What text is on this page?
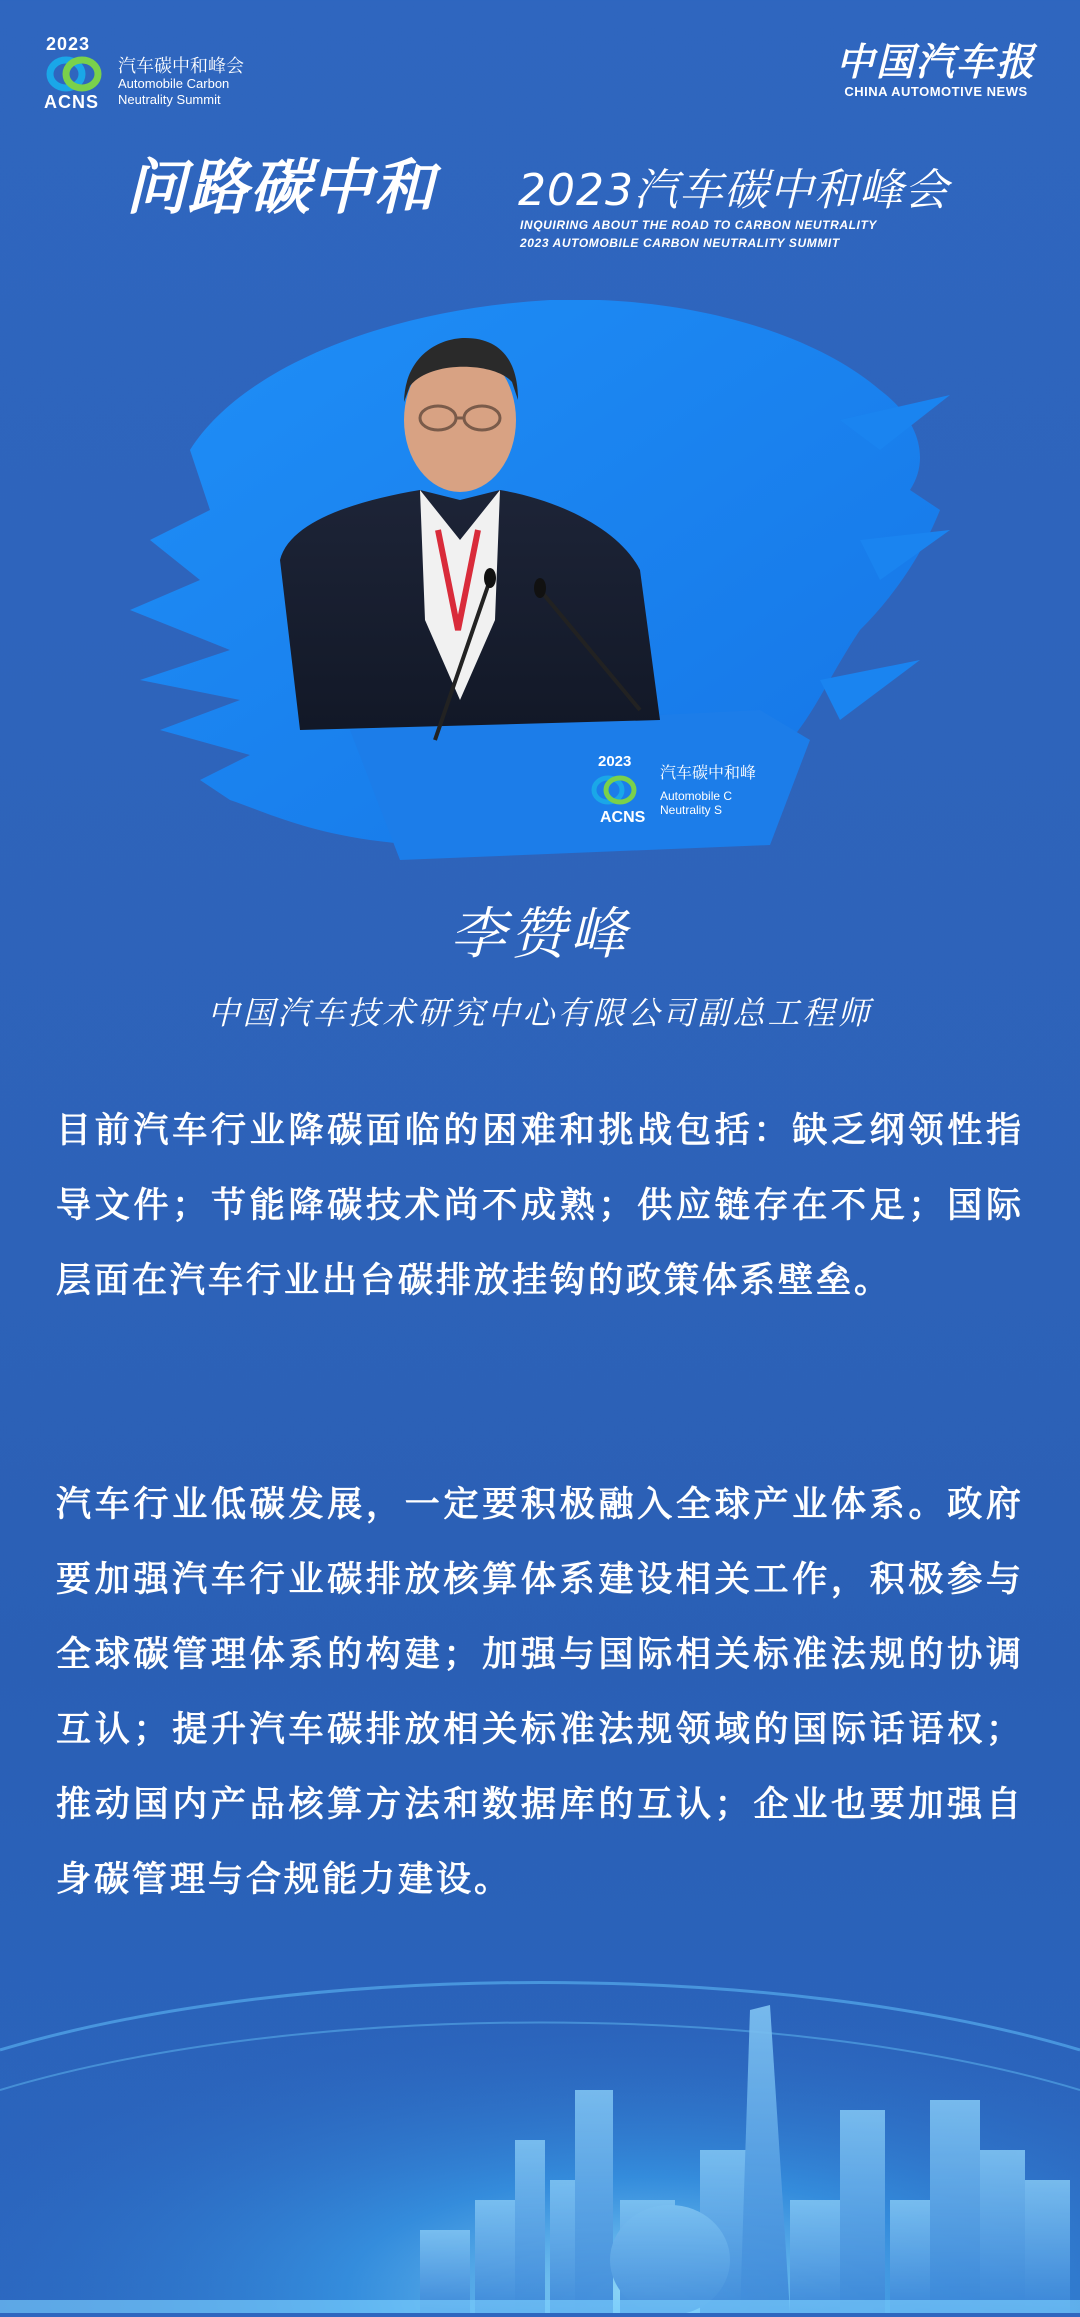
2023
ACNS
汽车碳中和峰会
Automobile Carbon
Neutrality Summit
中国汽车报
CHINA AUTOMOTIVE NEWS
问路碳中和 2023汽车碳中和峰会
INQUIRING ABOUT THE ROAD TO CARBON NEUTRALITY
2023 AUTOMOBILE CARBON NEUTRALITY SUMMIT
2023
ACNS
汽车碳中和峰
Automobile C
Neutrality S
李赞峰
中国汽车技术研究中心有限公司副总工程师
目前汽车行业降碳面临的困难和挑战包括：缺乏纲领性指导文件；节能降碳技术尚不成熟；供应链存在不足；国际层面在汽车行业出台碳排放挂钩的政策体系壁垒。
汽车行业低碳发展，一定要积极融入全球产业体系。政府要加强汽车行业碳排放核算体系建设相关工作，积极参与全球碳管理体系的构建；加强与国际相关标准法规的协调互认；提升汽车碳排放相关标准法规领域的国际话语权；推动国内产品核算方法和数据库的互认；企业也要加强自身碳管理与合规能力建设。
